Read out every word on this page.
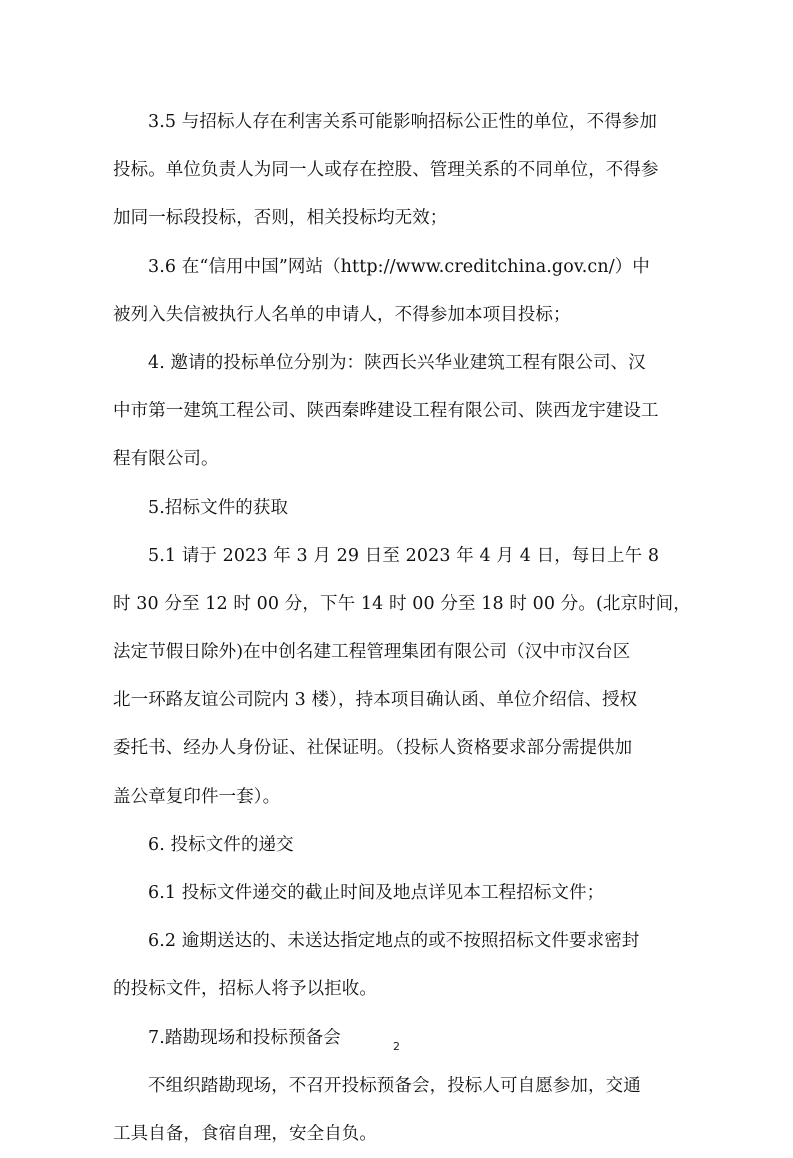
3.5 与招标人存在利害关系可能影响招标公正性的单位，不得参加
投标。单位负责人为同一人或存在控股、管理关系的不同单位，不得参
加同一标段投标，否则，相关投标均无效；
3.6 在“信用中国”网站（http://www.creditchina.gov.cn/）中
被列入失信被执行人名单的申请人，不得参加本项目投标；
4. 邀请的投标单位分别为：陕西长兴华业建筑工程有限公司、汉
中市第一建筑工程公司、陕西秦晔建设工程有限公司、陕西龙宇建设工
程有限公司。
5.招标文件的获取
5.1 请于 2023 年 3 月 29 日至 2023 年 4 月 4 日，每日上午 8
时 30 分至 12 时 00 分，下午 14 时 00 分至 18 时 00 分。(北京时间，
法定节假日除外)在中创名建工程管理集团有限公司（汉中市汉台区
北一环路友谊公司院内 3 楼），持本项目确认函、单位介绍信、授权
委托书、经办人身份证、社保证明。（投标人资格要求部分需提供加
盖公章复印件一套）。
6. 投标文件的递交
6.1 投标文件递交的截止时间及地点详见本工程招标文件；
6.2 逾期送达的、未送达指定地点的或不按照招标文件要求密封
的投标文件，招标人将予以拒收。
7.踏勘现场和投标预备会
不组织踏勘现场，不召开投标预备会，投标人可自愿参加，交通
工具自备，食宿自理，安全自负。
2
